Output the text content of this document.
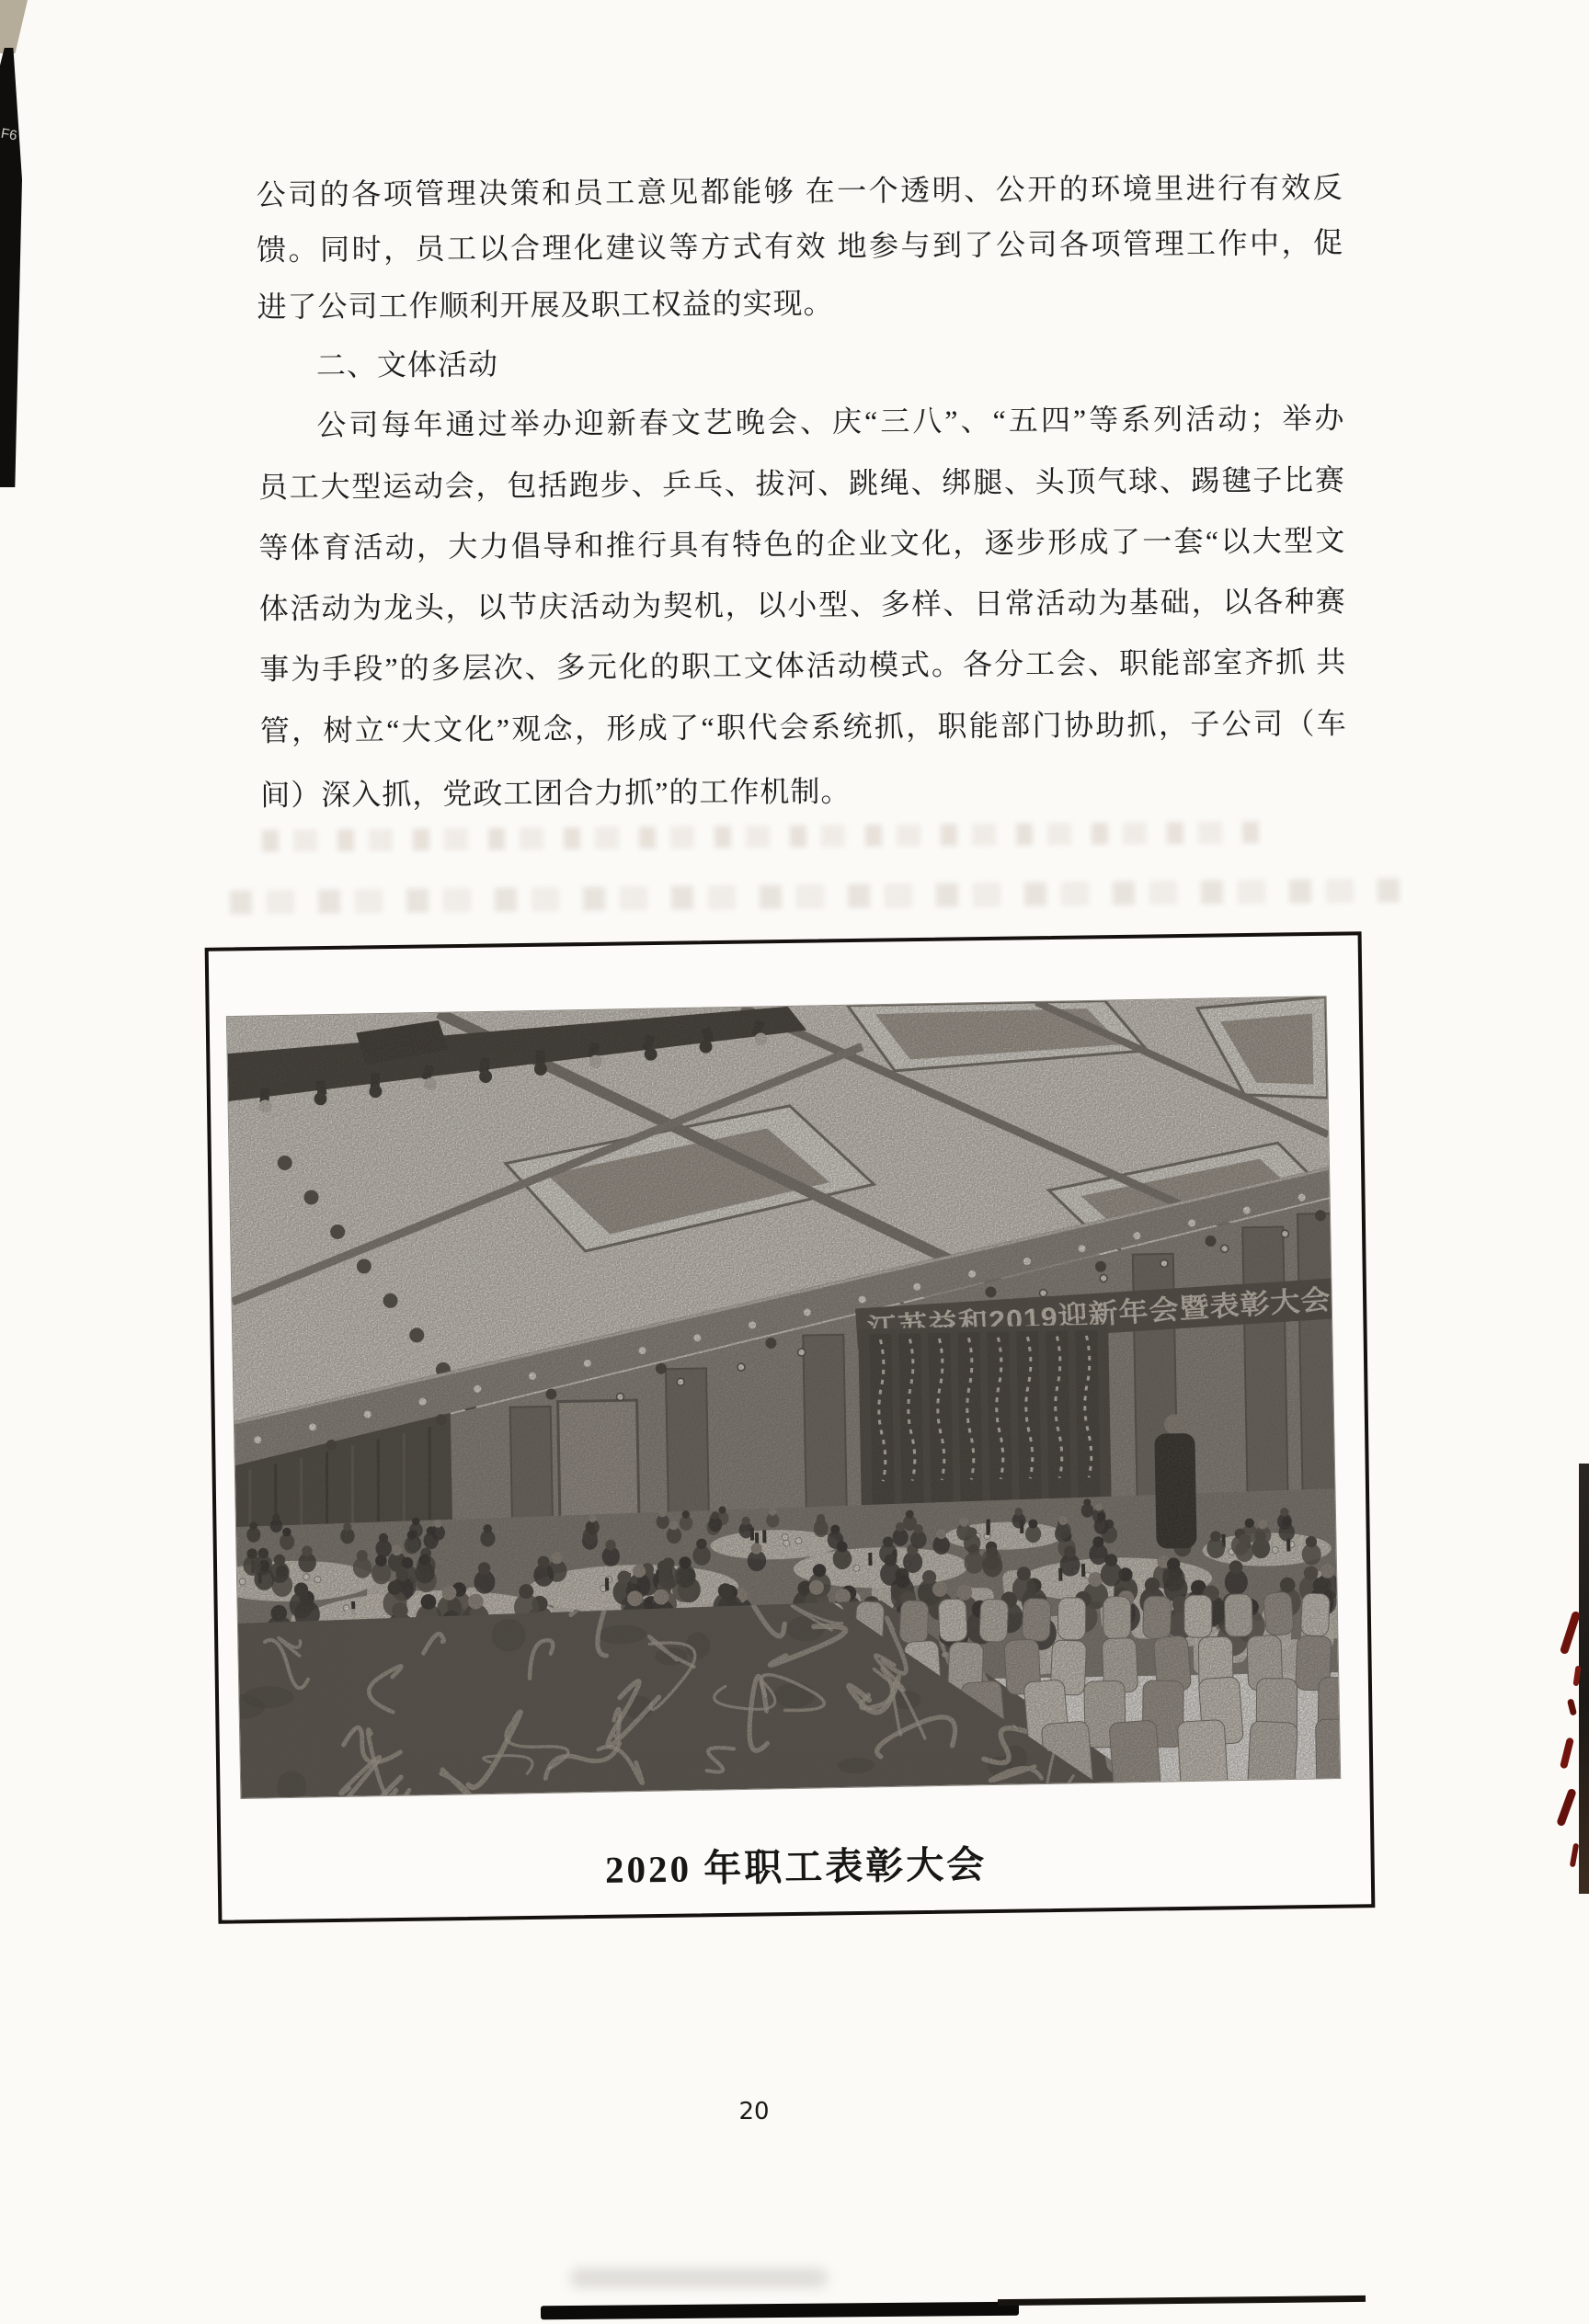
F6
公司的各项管理决策和员工意见都能够 在一个透明、公开的环境里进行有效反
馈。同时，员工以合理化建议等方式有效 地参与到了公司各项管理工作中，促
进了公司工作顺利开展及职工权益的实现。
二、文体活动
公司每年通过举办迎新春文艺晚会、庆“三八”、“五四”等系列活动；举办
员工大型运动会，包括跑步、乒乓、拔河、跳绳、绑腿、头顶气球、踢毽子比赛
等体育活动，大力倡导和推行具有特色的企业文化，逐步形成了一套“以大型文
体活动为龙头，以节庆活动为契机，以小型、多样、日常活动为基础，以各种赛
事为手段”的多层次、多元化的职工文体活动模式。各分工会、职能部室齐抓 共
管，树立“大文化”观念，形成了“职代会系统抓，职能部门协助抓，子公司（车
间）深入抓，党政工团合力抓”的工作机制。
2020 年职工表彰大会
20
